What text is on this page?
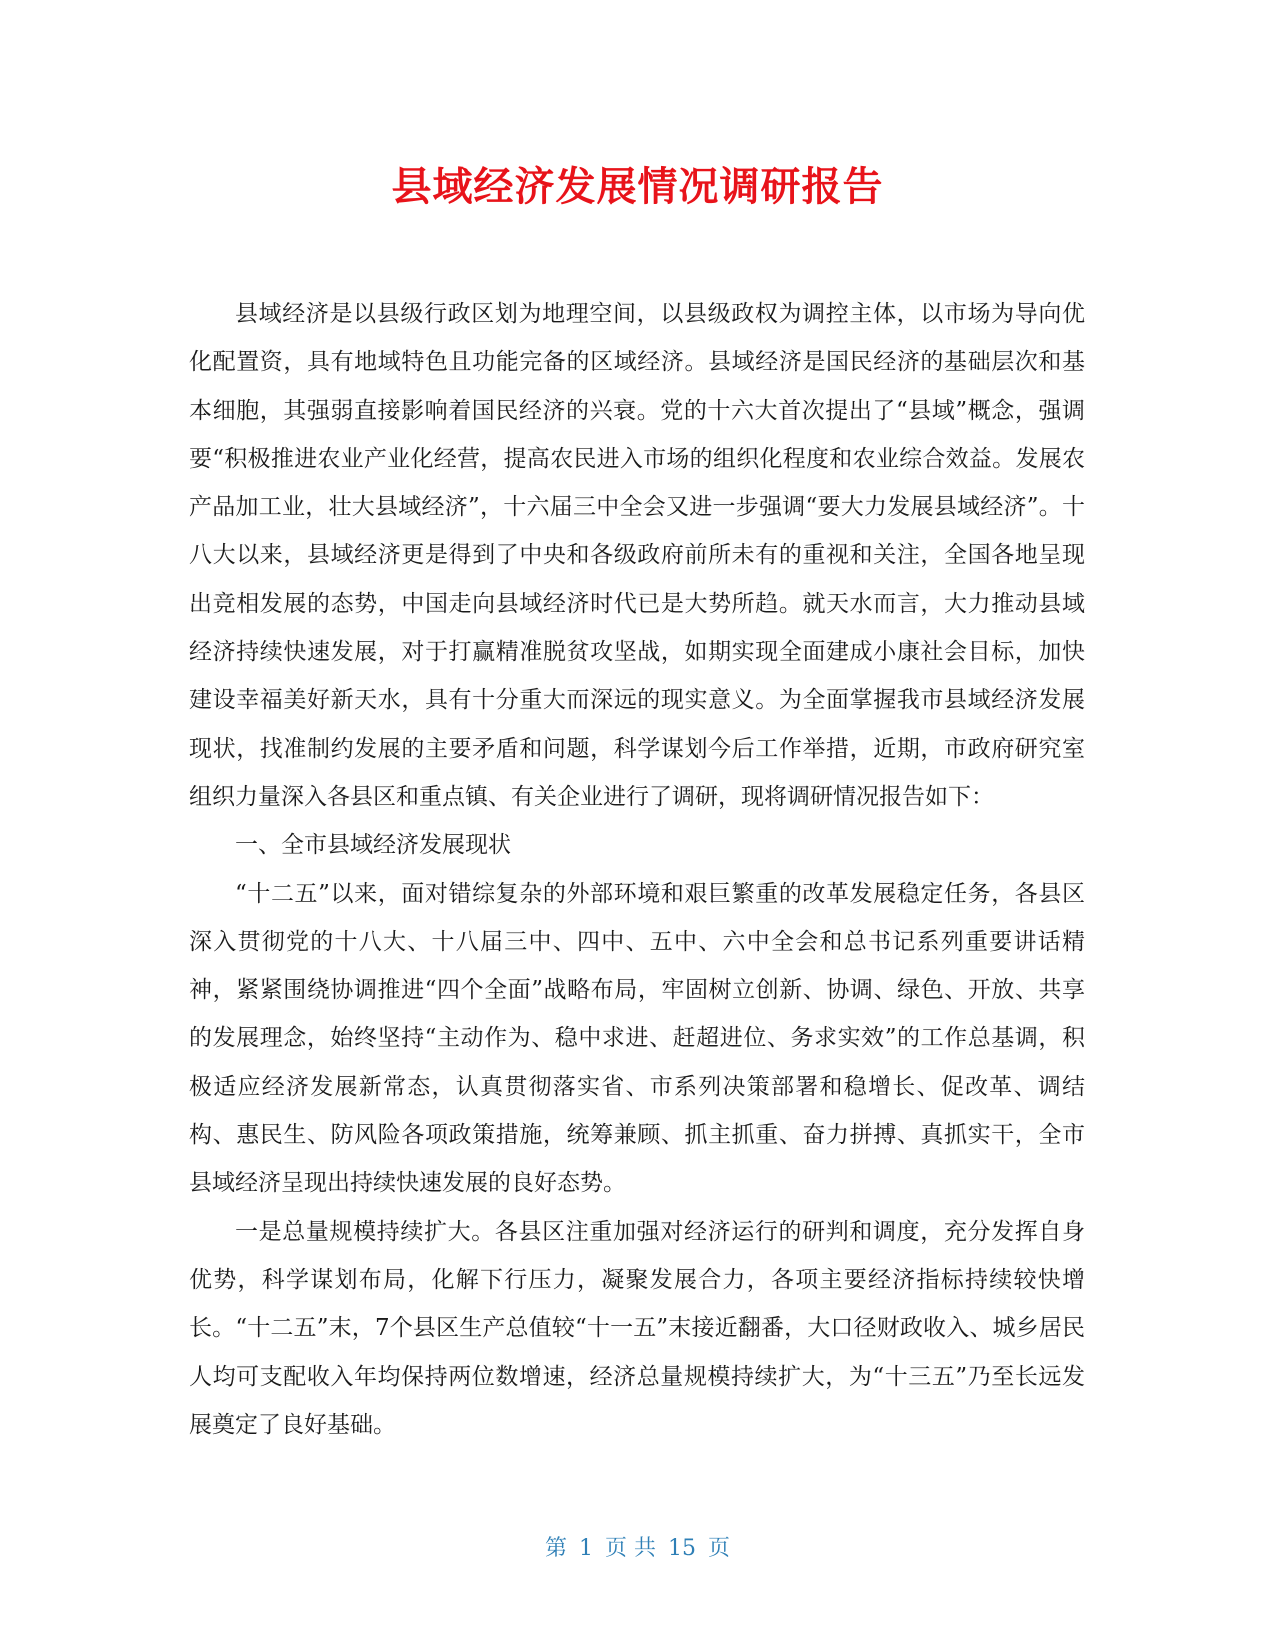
县域经济发展情况调研报告

县域经济是以县级行政区划为地理空间，以县级政权为调控主体，以市场为导向优化配置资，具有地域特色且功能完备的区域经济。县域经济是国民经济的基础层次和基本细胞，其强弱直接影响着国民经济的兴衰。党的十六大首次提出了“县域”概念，强调要“积极推进农业产业化经营，提高农民进入市场的组织化程度和农业综合效益。发展农产品加工业，壮大县域经济”，十六届三中全会又进一步强调“要大力发展县域经济”。十八大以来，县域经济更是得到了中央和各级政府前所未有的重视和关注，全国各地呈现出竞相发展的态势，中国走向县域经济时代已是大势所趋。就天水而言，大力推动县域经济持续快速发展，对于打赢精准脱贫攻坚战，如期实现全面建成小康社会目标，加快建设幸福美好新天水，具有十分重大而深远的现实意义。为全面掌握我市县域经济发展现状，找准制约发展的主要矛盾和问题，科学谋划今后工作举措，近期，市政府研究室组织力量深入各县区和重点镇、有关企业进行了调研，现将调研情况报告如下：

一、全市县域经济发展现状

“十二五”以来，面对错综复杂的外部环境和艰巨繁重的改革发展稳定任务，各县区深入贯彻党的十八大、十八届三中、四中、五中、六中全会和总书记系列重要讲话精神，紧紧围绕协调推进“四个全面”战略布局，牢固树立创新、协调、绿色、开放、共享的发展理念，始终坚持“主动作为、稳中求进、赶超进位、务求实效”的工作总基调，积极适应经济发展新常态，认真贯彻落实省、市系列决策部署和稳增长、促改革、调结构、惠民生、防风险各项政策措施，统筹兼顾、抓主抓重、奋力拼搏、真抓实干，全市县域经济呈现出持续快速发展的良好态势。

一是总量规模持续扩大。各县区注重加强对经济运行的研判和调度，充分发挥自身优势，科学谋划布局，化解下行压力，凝聚发展合力，各项主要经济指标持续较快增长。“十二五”末，7个县区生产总值较“十一五”末接近翻番，大口径财政收入、城乡居民人均可支配收入年均保持两位数增速，经济总量规模持续扩大，为“十三五”乃至长远发展奠定了良好基础。

第 1 页 共 15 页
